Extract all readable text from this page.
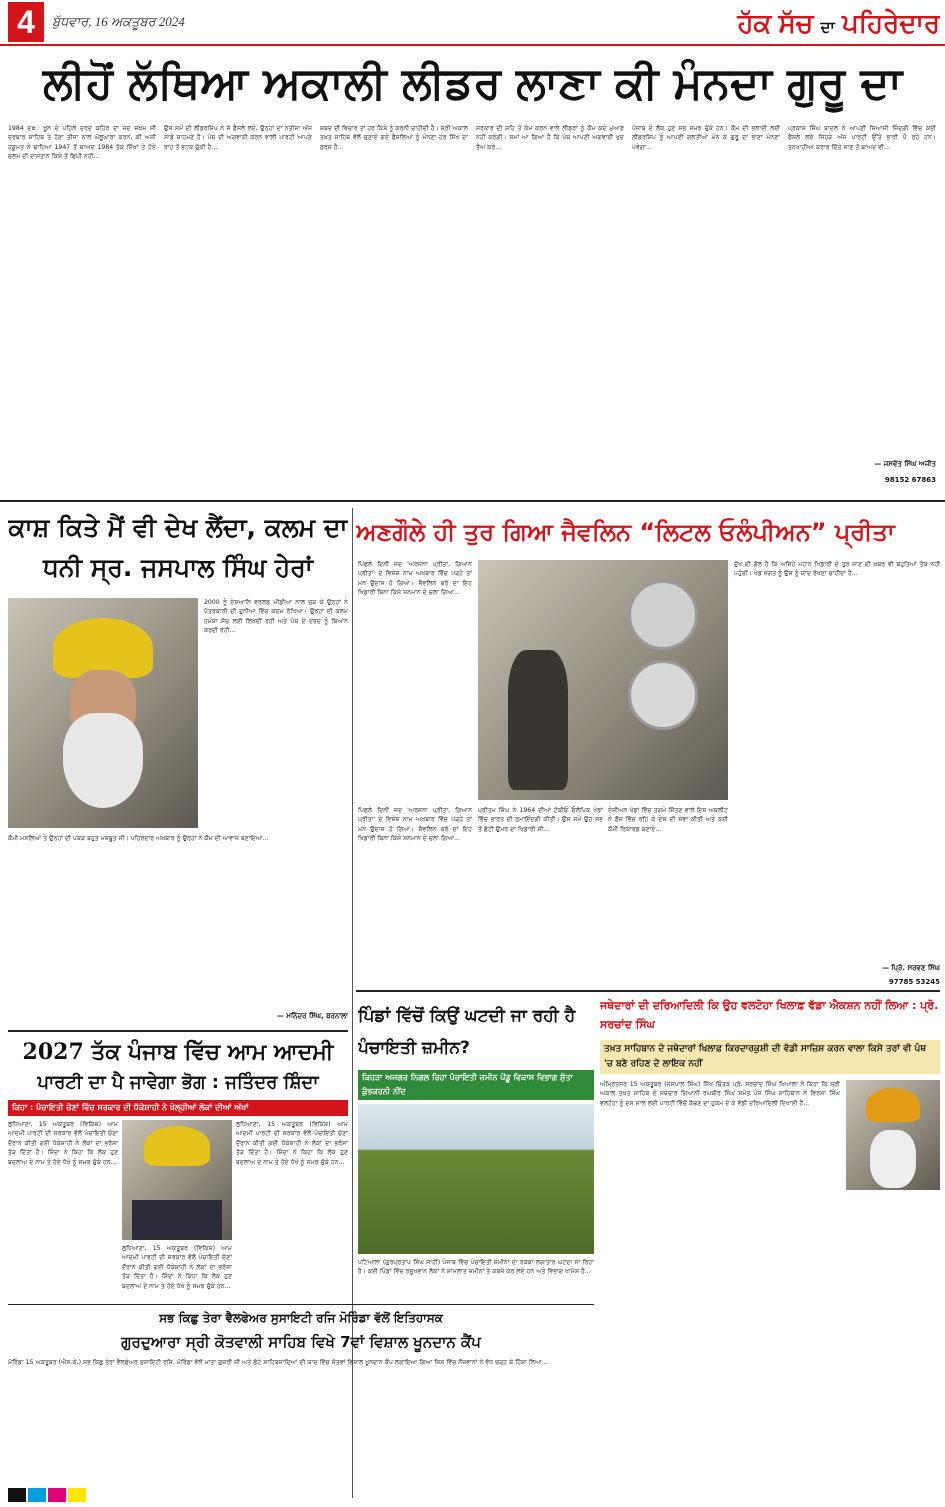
4	ਬੁੱਧਵਾਰ, 16 ਅਕਤੂਬਰ 2024	ਹੱਕ ਸੱਚ ਦਾ ਪਹਿਰੇਦਾਰ
ਲੀਹੋਂ ਲੱਥਿਆ ਅਕਾਲੀ ਲੀਡਰ ਲਾਣਾ ਕੀ ਮੰਨਦਾ ਗੁਰੂ ਦਾ
1984 ਦേ ਖੂਨ ਦੇ ਪਹਿਲੇ ਦਰਦ ਕਹਿਰ ਦਾ ਜਦ ਜ਼ਖ਼ਮ ਸੀ ਦਰਬਾਰ ਸਾਹਿਬ ਤੇ ਹੋਣਾ ਤੀਜਾ ਨਾਲ ਘੱਲੂਘਾਰਾ ਕਰਨ, ਕੀ ਅਸੀ ਹਕੂਮਤ ਨੇ ਢਾਹਿਆ 1947 ਤੋਂ ਬਾਅਦ 1984 ਤੱਕ ਸਿੱਖਾਂ ਤੇ ਹੋਏ ਜ਼ੁਲਮ ਦੀ ਦਾਸਤਾਨ ਕਿਸੇ ਤੋਂ ਛਿਪੀ ਨਹੀਂ...
ਉਸ ਸਮੇਂ ਦੀ ਲੀਡਰਸ਼ਿਪ ਨੇ ਜੋ ਫੈਸਲੇ ਲਏ, ਉਨ੍ਹਾਂ ਦਾ ਨਤੀਜਾ ਅੱਜ ਸਾਡੇ ਸਾਹਮਣੇ ਹੈ। ਪੰਥ ਦੀ ਅਗਵਾਈ ਕਰਨ ਵਾਲੀ ਪਾਰਟੀ ਆਪਣੇ ਰਾਹ ਤੋਂ ਭਟਕ ਚੁੱਕੀ ਹੈ...
ਸ਼ਬਦ ਦੀ ਵਿਚਾਰ ਤਾਂ ਹਰ ਕਿਸੇ ਨੂੰ ਕਰਨੀ ਚਾਹੀਦੀ ਹੈ। ਸ੍ਰੀ ਅਕਾਲ ਤਖ਼ਤ ਸਾਹਿਬ ਵੱਲੋਂ ਸੁਣਾਏ ਗਏ ਫੈਸਲਿਆਂ ਨੂੰ ਮੰਨਣਾ ਹਰ ਸਿੱਖ ਦਾ ਫ਼ਰਜ਼ ਹੈ...
ਸਰਕਾਰ ਦੀ ਸ਼ਹਿ ਤੇ ਕੰਮ ਕਰਨ ਵਾਲੇ ਲੀਡਰਾਂ ਨੂੰ ਕੌਮ ਕਦੇ ਮੁਆਫ਼ ਨਹੀਂ ਕਰੇਗੀ। ਸਮਾਂ ਆ ਗਿਆ ਹੈ ਕਿ ਪੰਥ ਆਪਣੀ ਅਗਵਾਈ ਖੁਦ ਤੈਅ ਕਰੇ...
ਪੰਜਾਬ ਦੇ ਲੋਕ ਹੁਣ ਸਭ ਸਮਝ ਚੁੱਕੇ ਹਨ। ਕੌਮ ਦੀ ਭਲਾਈ ਲਈ ਲੀਡਰਸ਼ਿਪ ਨੂੰ ਆਪਣੀ ਗਲਤੀਆਂ ਮੰਨ ਕੇ ਗੁਰੂ ਦਾ ਭਾਣਾ ਮੰਨਣਾ ਪਵੇਗਾ...
ਪ੍ਰਕਾਸ਼ ਸਿੰਘ ਬਾਦਲ ਨੇ ਆਪਣੀ ਸਿਆਸੀ ਜ਼ਿੰਦਗੀ ਵਿੱਚ ਕਈ ਫੈਸਲੇ ਲਏ ਜਿਹੜੇ ਅੱਜ ਪਾਰਟੀ ਉੱਤੇ ਭਾਰੀ ਪੈ ਰਹੇ ਹਨ। ਤਨਖਾਹੀਆ ਕਰਾਰ ਦਿੱਤੇ ਜਾਣ ਤੋਂ ਬਾਅਦ ਵੀ...
— ਜਸਵੰਤ ਸਿੰਘ ਅਜੀਤ
98152 67863
ਕਾਸ਼ ਕਿਤੇ ਮੈਂ ਵੀ ਦੇਖ ਲੈਂਦਾ, ਕਲਮ ਦਾ ਧਨੀ ਸ੍ਰ. ਜਸਪਾਲ ਸਿੰਘ ਹੇਰਾਂ
2000 ਨੂੰ ਏਸ਼ਆਨਿ ਵਰਲਡ ਮੀਡੀਆ ਨਾਲ ਜੁੜ ਕੇ ਉਨ੍ਹਾਂ ਨੇ ਪੱਤਰਕਾਰੀ ਦੀ ਦੁਨੀਆ ਵਿੱਚ ਕਦਮ ਰੱਖਿਆ। ਉਨ੍ਹਾਂ ਦੀ ਕਲਮ ਹਮੇਸ਼ਾ ਸੱਚ ਲਈ ਲਿਖਦੀ ਰਹੀ ਅਤੇ ਪੰਥ ਦੇ ਦਰਦ ਨੂੰ ਬਿਆਨ ਕਰਦੀ ਰਹੀ...
ਕੌਮੀ ਮਸਲਿਆਂ ਤੇ ਉਨ੍ਹਾਂ ਦੀ ਪਕੜ ਬਹੁਤ ਮਜ਼ਬੂਤ ਸੀ। ਪਹਿਰੇਦਾਰ ਅਖ਼ਬਾਰ ਨੂੰ ਉਨ੍ਹਾਂ ਨੇ ਕੌਮ ਦੀ ਆਵਾਜ਼ ਬਣਾਇਆ...
— ਮਨਿੰਦਰ ਸਿੰਘ, ਬਰਨਾਲਾ
ਅਣਗੌਲੇ ਹੀ ਤੁਰ ਗਿਆ ਜੈਵਲਿਨ “ਲਿਟਲ ਓਲੰਪੀਅਨ” ਪ੍ਰੀਤਾ
ਪਿਛਲੇ ਦਿਨੀਂ ਜਦ 'ਅਰਜਨਾ ਪ੍ਰੀਤਾ, ਗਿਆਨ ਪ੍ਰੀਤਾ' ਦੇ ਵਿਸ਼ੇਸ਼ ਨਾਮ ਅਖ਼ਬਾਰ ਵਿੱਚ ਪੜ੍ਹੇ ਤਾਂ ਮਨ ਉਦਾਸ ਹੋ ਗਿਆ। ਜੈਵਲਿਨ ਥਰੋ ਦਾ ਇਹ ਖਿਡਾਰੀ ਬਿਨਾ ਕਿਸੇ ਸਨਮਾਨ ਦੇ ਚਲਾ ਗਿਆ...
ਪ੍ਰੀਤਮ ਸਿੰਘ ਨੇ 1964 ਦੀਆਂ ਟੋਕੀਓ ਓਲੰਪਿਕ ਖੇਡਾਂ ਵਿੱਚ ਭਾਰਤ ਦੀ ਨੁਮਾਇੰਦਗੀ ਕੀਤੀ। ਉਸ ਸਮੇਂ ਉਹ ਸਭ ਤੋਂ ਛੋਟੀ ਉਮਰ ਦਾ ਖਿਡਾਰੀ ਸੀ...
ਏਸ਼ੀਅਨ ਖੇਡਾਂ ਵਿੱਚ ਤਗਮੇ ਜਿੱਤਣ ਵਾਲੇ ਇਸ ਅਥਲੀਟ ਨੇ ਫ਼ੌਜ ਵਿੱਚ ਰਹਿ ਕੇ ਦੇਸ਼ ਦੀ ਸੇਵਾ ਕੀਤੀ ਅਤੇ ਕਈ ਕੌਮੀ ਰਿਕਾਰਡ ਬਣਾਏ...
ਦੁੱਖ ਦੀ ਗੱਲ ਹੈ ਕਿ ਅਜਿਹੇ ਮਹਾਨ ਖਿਡਾਰੀ ਦੇ ਤੁਰ ਜਾਣ ਦੀ ਖ਼ਬਰ ਵੀ ਬਹੁਤਿਆਂ ਤੱਕ ਨਹੀਂ ਪਹੁੰਚੀ। ਖੇਡ ਜਗਤ ਨੂੰ ਉਸ ਨੂੰ ਯਾਦ ਰੱਖਣਾ ਚਾਹੀਦਾ ਹੈ...
— ਪ੍ਰਿੰ. ਸਰਵਣ ਸਿੰਘ
97785 53245
ਪਿਛਲੇ ਦਿਨੀਂ ਜਦ 'ਅਰਜਨਾ ਪ੍ਰੀਤਾ, ਗਿਆਨ ਪ੍ਰੀਤਾ' ਦੇ ਵਿਸ਼ੇਸ਼ ਨਾਮ ਅਖ਼ਬਾਰ ਵਿੱਚ ਪੜ੍ਹੇ ਤਾਂ ਮਨ ਉਦਾਸ ਹੋ ਗਿਆ। ਜੈਵਲਿਨ ਥਰੋ ਦਾ ਇਹ ਖਿਡਾਰੀ ਬਿਨਾ ਕਿਸੇ ਸਨਮਾਨ ਦੇ ਚਲਾ ਗਿਆ...
ਜਥੇਦਾਰਾਂ ਦੀ ਦਰਿਆਦਿਲੀ ਕਿ ਉਹ ਵਲਟੋਹਾ ਖਿਲਾਫ਼ ਵੱਡਾ ਐਕਸ਼ਨ ਨਹੀਂ ਲਿਆ : ਪ੍ਰੋ. ਸਰਚਾਂਦ ਸਿੰਘ
ਤਖ਼ਤ ਸਾਹਿਬਾਨ ਦੇ ਜਥੇਦਾਰਾਂ ਖਿਲਾਫ਼ ਕਿਰਦਾਰਕੁਸ਼ੀ ਦੀ ਵੱਡੀ ਸਾਜ਼ਿਸ਼ ਕਰਨ ਵਾਲਾ ਕਿਸੇ ਤਰਾਂ ਵੀ ਪੰਥ 'ਚ ਬਣੇ ਰਹਿਣ ਦੇ ਲਾਇਕ ਨਹੀਂ
ਅੰਮ੍ਰਿਤਸਰ 15 ਅਕਤੂਬਰ (ਜਸਪਾਲ ਸਿੰਘ) ਸਿੱਖ ਚਿੰਤਕ ਪ੍ਰੋ. ਸਰਚਾਂਦ ਸਿੰਘ ਖਿਆਲਾ ਨੇ ਕਿਹਾ ਕਿ ਸ੍ਰੀ ਅਕਾਲ ਤਖ਼ਤ ਸਾਹਿਬ ਦੇ ਜਥੇਦਾਰ ਗਿਆਨੀ ਰਘਬੀਰ ਸਿੰਘ ਸਮੇਤ ਪੰਜ ਸਿੰਘ ਸਾਹਿਬਾਨ ਨੇ ਵਿਰਸਾ ਸਿੰਘ ਵਲਟੋਹਾ ਨੂੰ ਦਸ ਸਾਲ ਲਈ ਪਾਰਟੀ ਵਿੱਚੋਂ ਕੱਢਣ ਦਾ ਹੁਕਮ ਦੇ ਕੇ ਵੱਡੀ ਦਰਿਆਦਿਲੀ ਦਿਖਾਈ ਹੈ...
2027 ਤੱਕ ਪੰਜਾਬ ਵਿੱਚ ਆਮ ਆਦਮੀ
ਪਾਰਟੀ ਦਾ ਪੈ ਜਾਵੇਗਾ ਭੋਗ : ਜਤਿੰਦਰ ਸ਼ਿੰਦਾ
ਕਿਹਾ : ਪੰਚਾਇਤੀ ਚੋਣਾਂ ਵਿੱਚ ਸਰਕਾਰ ਦੀ ਧੱਕੇਸ਼ਾਹੀ ਨੇ ਖੋਲ੍ਹੀਆਂ ਲੋਕਾਂ ਦੀਆਂ ਅੱਖਾਂ
ਲੁਧਿਆਣਾ, 15 ਅਕਤੂਬਰ (ਵਿਕਿਸ਼) ਆਮ ਆਦਮੀ ਪਾਰਟੀ ਦੀ ਸਰਕਾਰ ਵੱਲੋਂ ਪੰਚਾਇਤੀ ਚੋਣਾਂ ਦੌਰਾਨ ਕੀਤੀ ਗਈ ਧੱਕੇਸ਼ਾਹੀ ਨੇ ਲੋਕਾਂ ਦਾ ਭਰੋਸਾ ਤੋੜ ਦਿੱਤਾ ਹੈ। ਸ਼ਿੰਦਾ ਨੇ ਕਿਹਾ ਕਿ ਲੋਕ ਹੁਣ ਬਦਲਾਅ ਦੇ ਨਾਮ ਤੇ ਹੋਏ ਧੋਖੇ ਨੂੰ ਸਮਝ ਚੁੱਕੇ ਹਨ...
ਲੁਧਿਆਣਾ, 15 ਅਕਤੂਬਰ (ਵਿਕਿਸ਼) ਆਮ ਆਦਮੀ ਪਾਰਟੀ ਦੀ ਸਰਕਾਰ ਵੱਲੋਂ ਪੰਚਾਇਤੀ ਚੋਣਾਂ ਦੌਰਾਨ ਕੀਤੀ ਗਈ ਧੱਕੇਸ਼ਾਹੀ ਨੇ ਲੋਕਾਂ ਦਾ ਭਰੋਸਾ ਤੋੜ ਦਿੱਤਾ ਹੈ। ਸ਼ਿੰਦਾ ਨੇ ਕਿਹਾ ਕਿ ਲੋਕ ਹੁਣ ਬਦਲਾਅ ਦੇ ਨਾਮ ਤੇ ਹੋਏ ਧੋਖੇ ਨੂੰ ਸਮਝ ਚੁੱਕੇ ਹਨ...
ਲੁਧਿਆਣਾ, 15 ਅਕਤੂਬਰ (ਵਿਕਿਸ਼) ਆਮ ਆਦਮੀ ਪਾਰਟੀ ਦੀ ਸਰਕਾਰ ਵੱਲੋਂ ਪੰਚਾਇਤੀ ਚੋਣਾਂ ਦੌਰਾਨ ਕੀਤੀ ਗਈ ਧੱਕੇਸ਼ਾਹੀ ਨੇ ਲੋਕਾਂ ਦਾ ਭਰੋਸਾ ਤੋੜ ਦਿੱਤਾ ਹੈ। ਸ਼ਿੰਦਾ ਨੇ ਕਿਹਾ ਕਿ ਲੋਕ ਹੁਣ ਬਦਲਾਅ ਦੇ ਨਾਮ ਤੇ ਹੋਏ ਧੋਖੇ ਨੂੰ ਸਮਝ ਚੁੱਕੇ ਹਨ...
ਪਿੰਡਾਂ ਵਿੱਚੋਂ ਕਿਉਂ ਘਟਦੀ ਜਾ ਰਹੀ ਹੈ ਪੰਚਾਇਤੀ ਜ਼ਮੀਨ?
ਕਿਹੜਾ ਅਜਗਰ ਨਿਗਲ ਰਿਹਾ ਪੰਚਾਇਤੀ ਜ਼ਮੀਨ ਪੇਂਡੂ ਵਿਕਾਸ ਵਿਭਾਗ ਸੁੱਤਾ ਕੁੰਭਕਰਨੀ ਨੀਂਦ
ਪਟਿਆਲਾ (ਗੁਰਪ੍ਰਤਾਪ ਸਿੰਘ ਸਾਹੀ) ਪੰਜਾਬ ਵਿੱਚ ਪੰਚਾਇਤੀ ਜ਼ਮੀਨਾਂ ਦਾ ਰਕਬਾ ਲਗਾਤਾਰ ਘਟਦਾ ਜਾ ਰਿਹਾ ਹੈ। ਕਈ ਪਿੰਡਾਂ ਵਿੱਚ ਰਸੂਖਵਾਨ ਲੋਕਾਂ ਨੇ ਸ਼ਾਮਲਾਤ ਜ਼ਮੀਨਾਂ ਤੇ ਕਬਜ਼ੇ ਕਰ ਲਏ ਹਨ ਅਤੇ ਵਿਭਾਗ ਖਾਮੋਸ਼ ਹੈ...
ਸਭ ਕਿਛੁ ਤੇਰਾ ਵੈਲਫੇਅਰ ਸੁਸਾਇਟੀ ਰਜਿ ਮੋਰਿੰਡਾ ਵੱਲੋਂ ਇਤਿਹਾਸਕ
ਗੁਰਦੁਆਰਾ ਸ੍ਰੀ ਕੋਤਵਾਲੀ ਸਾਹਿਬ ਵਿਖੇ 7ਵਾਂ ਵਿਸ਼ਾਲ ਖੂਨਦਾਨ ਕੈਂਪ
ਮੋਰਿੰਡਾ 15 ਅਕਤੂਬਰ (ਐਸ.ਕੇ.) ਸਭ ਕਿਛੁ ਤੇਰਾ ਵੈਲਫੇਅਰ ਸੁਸਾਇਟੀ ਰਜਿ. ਮੋਰਿੰਡਾ ਵੱਲੋਂ ਮਾਤਾ ਗੁਜਰੀ ਜੀ ਅਤੇ ਛੋਟੇ ਸਾਹਿਬਜ਼ਾਦਿਆਂ ਦੀ ਯਾਦ ਵਿੱਚ ਸੱਤਵਾਂ ਵਿਸ਼ਾਲ ਖੂਨਦਾਨ ਕੈਂਪ ਲਗਾਇਆ ਗਿਆ ਜਿਸ ਵਿੱਚ ਨੌਜਵਾਨਾਂ ਨੇ ਵੱਧ ਚੜ੍ਹ ਕੇ ਹਿੱਸਾ ਲਿਆ...
